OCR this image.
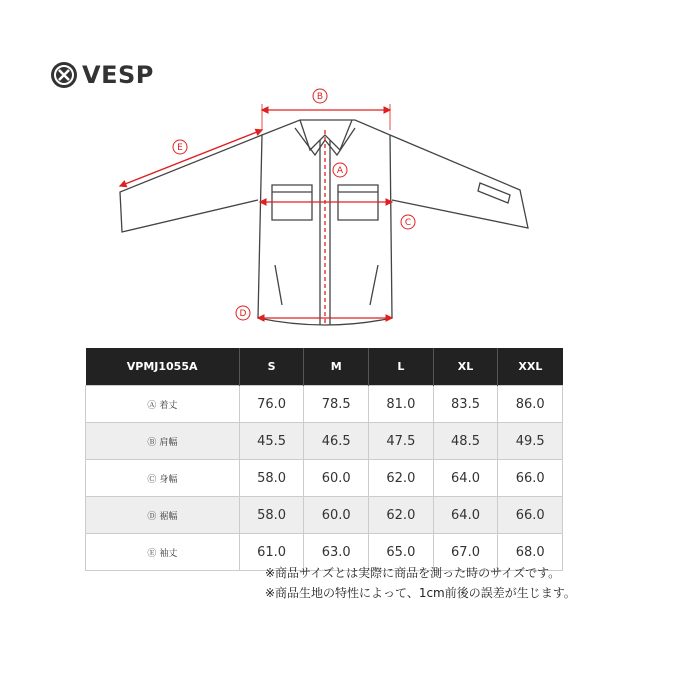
VESP
B
A
C
D
E
VPMJ1055A	S	M	L	XL	XXL
Ⓐ 着丈	76.0	78.5	81.0	83.5	86.0
Ⓑ 肩幅	45.5	46.5	47.5	48.5	49.5
Ⓒ 身幅	58.0	60.0	62.0	64.0	66.0
Ⓓ 裾幅	58.0	60.0	62.0	64.0	66.0
Ⓔ 袖丈	61.0	63.0	65.0	67.0	68.0
※商品サイズとは実際に商品を測った時のサイズです。
※商品生地の特性によって、1cm前後の誤差が生じます。
